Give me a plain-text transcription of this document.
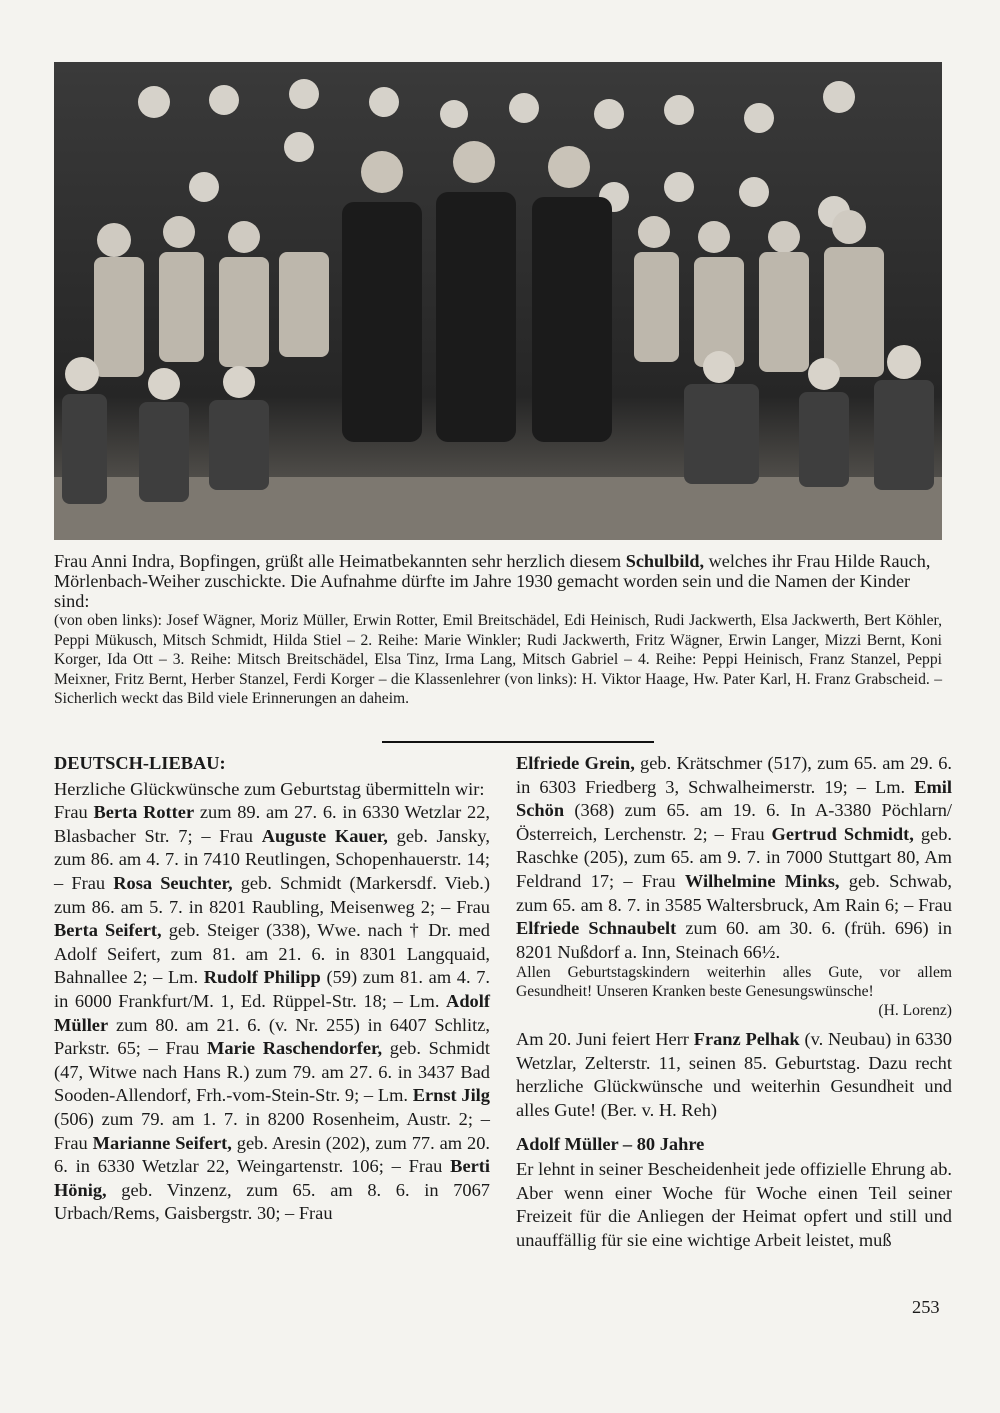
Frau Anni Indra, Bopfingen, grüßt alle Heimatbekannten sehr herzlich diesem Schulbild, welches ihr Frau Hilde Rauch, Mörlenbach-Weiher zuschickte. Die Aufnahme dürfte im Jahre 1930 gemacht worden sein und die Namen der Kinder sind:
(von oben links): Josef Wägner, Moriz Müller, Erwin Rotter, Emil Breitschädel, Edi Heinisch, Rudi Jackwerth, Elsa Jackwerth, Bert Köhler, Peppi Mükusch, Mitsch Schmidt, Hilda Stiel – 2. Reihe: Marie Winkler; Rudi Jackwerth, Fritz Wägner, Erwin Langer, Mizzi Bernt, Koni Korger, Ida Ott – 3. Reihe: Mitsch Breitschädel, Elsa Tinz, Irma Lang, Mitsch Gabriel – 4. Reihe: Peppi Heinisch, Franz Stanzel, Peppi Meixner, Fritz Bernt, Herber Stanzel, Ferdi Korger – die Klassenlehrer (von links): H. Viktor Haage, Hw. Pater Karl, H. Franz Grabscheid. – Sicherlich weckt das Bild viele Erinnerungen an daheim.
DEUTSCH-LIEBAU:

Herzliche Glückwünsche zum Geburtstag übermitteln wir:

Frau Berta Rotter zum 89. am 27. 6. in 6330 Wetzlar 22, Blasbacher Str. 7; – Frau Auguste Kauer, geb. Jansky, zum 86. am 4. 7. in 7410 Reutlingen, Schopenhauerstr. 14; – Frau Rosa Seuchter, geb. Schmidt (Markersdf. Vieb.) zum 86. am 5. 7. in 8201 Raubling, Meisenweg 2; – Frau Berta Seifert, geb. Steiger (338), Wwe. nach † Dr. med Adolf Seifert, zum 81. am 21. 6. in 8301 Langquaid, Bahnallee 2; – Lm. Rudolf Philipp (59) zum 81. am 4. 7. in 6000 Frankfurt/M. 1, Ed. Rüppel-Str. 18; – Lm. Adolf Müller zum 80. am 21. 6. (v. Nr. 255) in 6407 Schlitz, Parkstr. 65; – Frau Marie Raschendorfer, geb. Schmidt (47, Witwe nach Hans R.) zum 79. am 27. 6. in 3437 Bad Sooden-Allendorf, Frh.-vom-Stein-Str. 9; – Lm. Ernst Jilg (506) zum 79. am 1. 7. in 8200 Rosenheim, Austr. 2; – Frau Marianne Seifert, geb. Aresin (202), zum 77. am 20. 6. in 6330 Wetzlar 22, Weingartenstr. 106; – Frau Berti Hönig, geb. Vinzenz, zum 65. am 8. 6. in 7067 Urbach/Rems, Gaisbergstr. 30; – Frau

Elfriede Grein, geb. Krätschmer (517), zum 65. am 29. 6. in 6303 Friedberg 3, Schwalheimerstr. 19; – Lm. Emil Schön (368) zum 65. am 19. 6. In A-3380 Pöchlarn/Österreich, Lerchenstr. 2; – Frau Gertrud Schmidt, geb. Raschke (205), zum 65. am 9. 7. in 7000 Stuttgart 80, Am Feldrand 17; – Frau Wilhelmine Minks, geb. Schwab, zum 65. am 8. 7. in 3585 Waltersbruck, Am Rain 6; – Frau Elfriede Schnaubelt zum 60. am 30. 6. (früh. 696) in 8201 Nußdorf a. Inn, Steinach 66½.

Allen Geburtstagskindern weiterhin alles Gute, vor allem Gesundheit! Unseren Kranken beste Genesungswünsche!

(H. Lorenz)

Am 20. Juni feiert Herr Franz Pelhak (v. Neubau) in 6330 Wetzlar, Zelterstr. 11, seinen 85. Geburtstag. Dazu recht herzliche Glückwünsche und weiterhin Gesundheit und alles Gute! (Ber. v. H. Reh)

Adolf Müller – 80 Jahre

Er lehnt in seiner Bescheidenheit jede offizielle Ehrung ab. Aber wenn einer Woche für Woche einen Teil seiner Freizeit für die Anliegen der Heimat opfert und still und unauffällig für sie eine wichtige Arbeit leistet, muß

253
